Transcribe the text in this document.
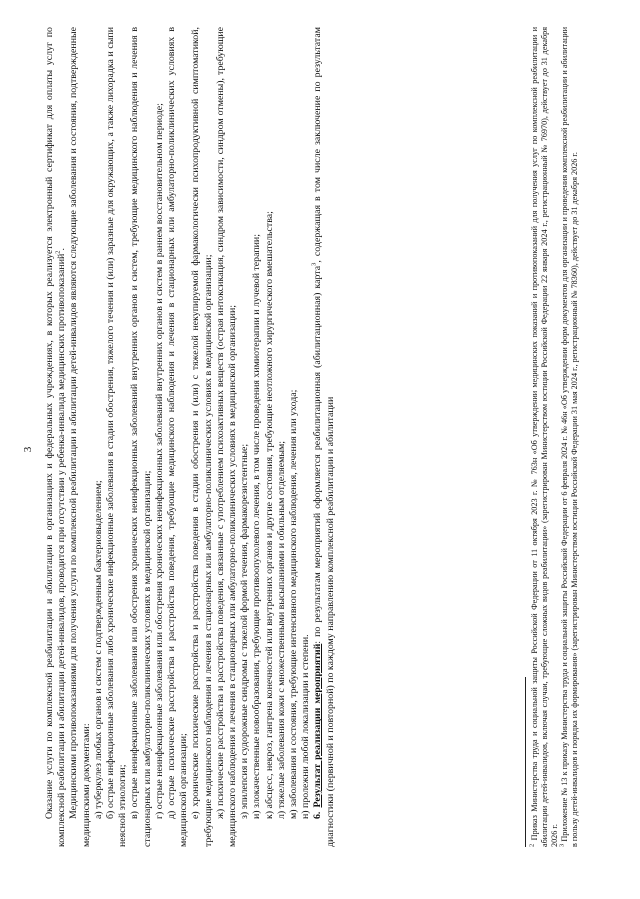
3 Оказание услуги по комплексной реабилитации и абилитации в организациях и федеральных учреждениях, в которых реализуется электронный сертификат для оплаты услуг по комплексной реабилитации и абилитации детей-инвалидов, проводится при отсутствии у ребенка-инвалида медицинских противопоказаний$^2$. Медицинскими противопоказаниями для получения услуги по комплексной реабилитации и абилитации детей-инвалидов являются следующие заболевания и состояния, подтвержденные медицинскими документами: а) туберкулез любых органов и систем с подтвержденным бактериовыделением; б) острые инфекционные заболевания либо хронические инфекционные заболевания в стадии обострения, тяжелого течения и (или) заразные для окружающих, а также лихорадка и сыпи неясной этиологии; в) острые неинфекционные заболевания или обострения хронических неинфекционных заболеваний внутренних органов и систем, требующие медицинского наблюдения и лечения в стационарных или амбулаторно-поликлинических условиях в медицинской организации; г) острые неинфекционные заболевания или обострения хронических неинфекционных заболеваний внутренних органов и систем в раннем восстановительном периоде; д) острые психические расстройства и расстройства поведения, требующие медицинского наблюдения и лечения в стационарных или амбулаторно-поликлинических условиях в медицинской организации; е) хронические психические расстройства и расстройства поведения в стадии обострения и (или) с тяжелой некупируемой фармакологически психопродуктивной симптоматикой, требующие медицинского наблюдения и лечения в стационарных или амбулаторно-поликлинических условиях в медицинской организации; ж) психические расстройства и расстройства поведения, связанные с употреблением психоактивных веществ (острая интоксикация, синдром зависимости, синдром отмены), требующие медицинского наблюдения и лечения в стационарных или амбулаторно-поликлинических условиях в медицинской организации; з) эпилепсия и судорожные синдромы с тяжелой формой течения, фармакорезистентные; и) злокачественные новообразования, требующие противоопухолевого лечения, в том числе проведения химиотерапии и лучевой терапии; к) абсцесс, некроз, гангрена конечностей или внутренних органов и другие состояния, требующие неотложного хирургического вмешательства; л) тяжелые заболевания кожи с множественными высыпаниями и обильным отделяемым; м) заболевания и состояния, требующие интенсивного медицинского наблюдения, лечения или ухода; н) пролежни любой локализации и степени. 6. Результат реализации мероприятий: по результатам мероприятий оформляется реабилитационная (абилитационная) карта$^3$, содержащая в том числе заключение по результатам диагностики (первичной и повторной) по каждому направлению комплексной реабилитации и абилитации	$^2$ Приказ Министерства труда и социальной защиты Российской Федерации от 11 октября 2023 г. № 763н «Об утверждении медицинских показаний и противопоказаний для получения услуг по комплексной реабилитации и абилитации детей-инвалидов, включая случаи, требующие сложных видов реабилитации» (зарегистрирован Министерством юстиции Российской Федерации 22 января 2024 г., регистрационный № 76970), действует до 31 декабря 2026 г. $^3$ Приложение № 13 к приказу Министерства труда и социальной защиты Российской Федерации от 6 февраля 2024 г. № 46н «Об утверждении форм документов для организации и проведения комплексной реабилитации и абилитации в пользу детей-инвалидов и порядка их формирования» (зарегистрирован Министерством юстиции Российской Федерации 31 мая 2024 г., регистрационный № 78360), действует до 31 декабря 2026 г.
